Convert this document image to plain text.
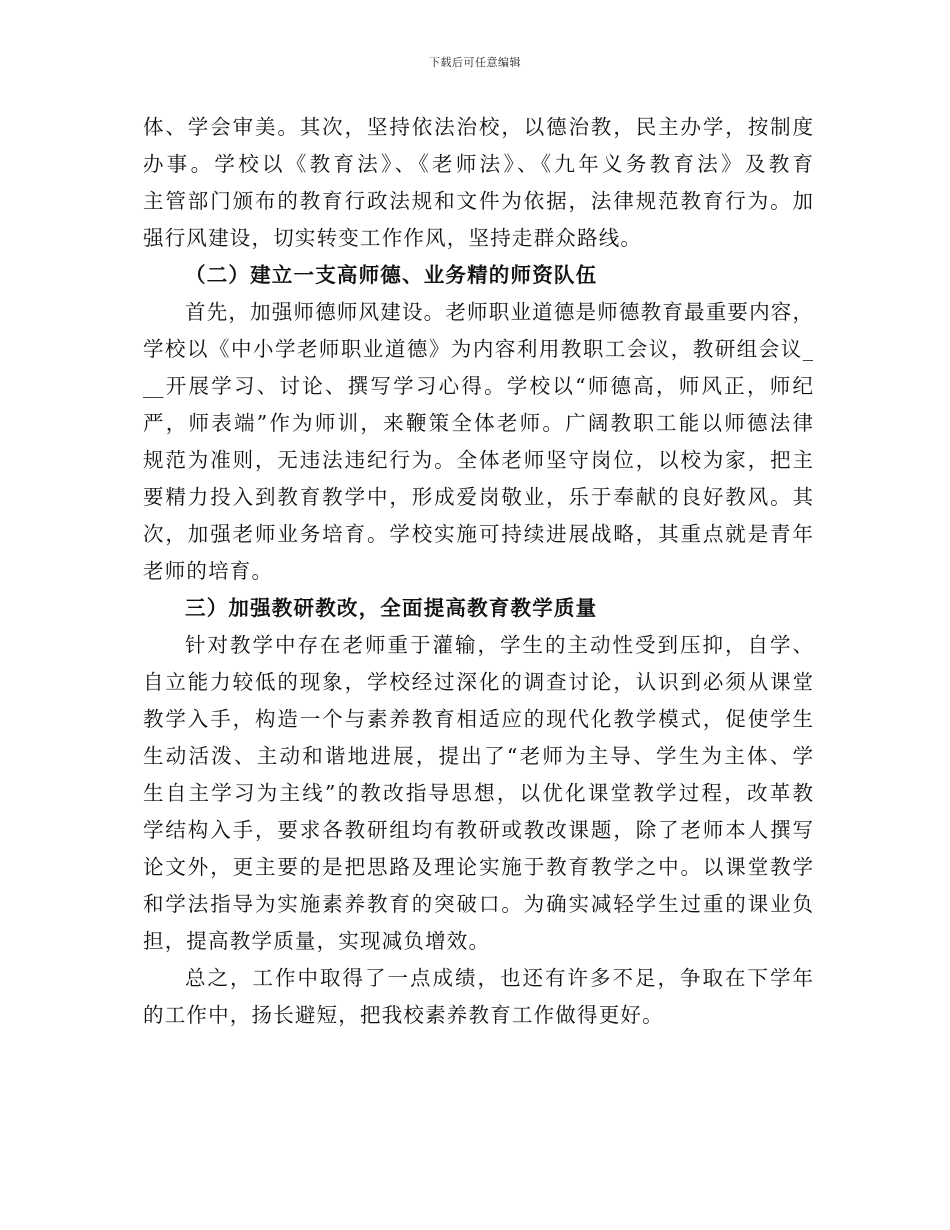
下载后可任意编辑
体、学会审美。其次，坚持依法治校，以德治教，民主办学，按制度
办事。学校以《教育法》、《老师法》、《九年义务教育法》及教育
主管部门颁布的教育行政法规和文件为依据，法律规范教育行为。加
强行风建设，切实转变工作作风，坚持走群众路线。
（二）建立一支高师德、业务精的师资队伍
首先，加强师德师风建设。老师职业道德是师德教育最重要内容，
学校以《中小学老师职业道德》为内容利用教职工会议，教研组会议_
__开展学习、讨论、撰写学习心得。学校以“师德高，师风正，师纪
严，师表端”作为师训，来鞭策全体老师。广阔教职工能以师德法律
规范为准则，无违法违纪行为。全体老师坚守岗位，以校为家，把主
要精力投入到教育教学中，形成爱岗敬业，乐于奉献的良好教风。其
次，加强老师业务培育。学校实施可持续进展战略，其重点就是青年
老师的培育。
三）加强教研教改，全面提高教育教学质量
针对教学中存在老师重于灌输，学生的主动性受到压抑，自学、
自立能力较低的现象，学校经过深化的调查讨论，认识到必须从课堂
教学入手，构造一个与素养教育相适应的现代化教学模式，促使学生
生动活泼、主动和谐地进展，提出了“老师为主导、学生为主体、学
生自主学习为主线”的教改指导思想，以优化课堂教学过程，改革教
学结构入手，要求各教研组均有教研或教改课题，除了老师本人撰写
论文外，更主要的是把思路及理论实施于教育教学之中。以课堂教学
和学法指导为实施素养教育的突破口。为确实减轻学生过重的课业负
担，提高教学质量，实现减负增效。
总之，工作中取得了一点成绩，也还有许多不足，争取在下学年
的工作中，扬长避短，把我校素养教育工作做得更好。
